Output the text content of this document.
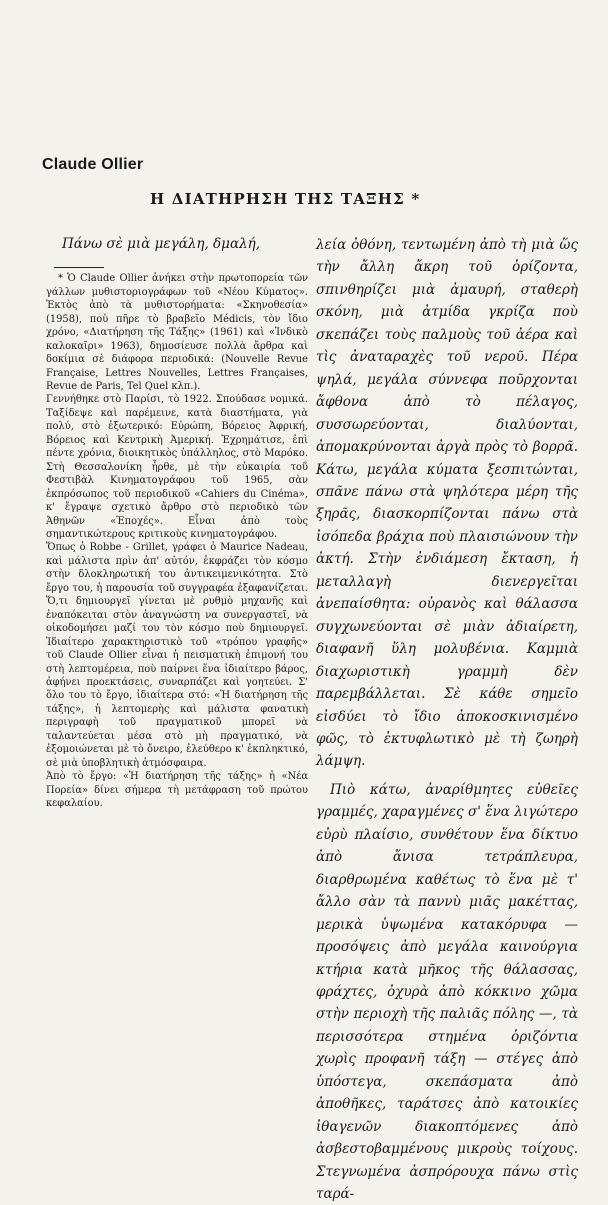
Claude Ollier
Η ΔΙΑΤΗΡΗΣΗ ΤΗΣ ΤΑΞΗΣ *
Πάνω σὲ μιὰ μεγάλη, δμαλή,

* Ὁ Claude Ollier ἀνήκει στὴν πρωτοπορεία τῶν γάλλων μυθιστοριογράφων τοῦ «Νέου Κύματος». Ἐκτὸς ἀπὸ τὰ μυθιστορήματα: «Σκηνοθεσία» (1958), ποὺ πῆρε τὸ βραβεῖο Médicis, τὸν ἴδιο χρόνο, «Διατήρηση τῆς Τάξης» (1961) καὶ «Ἰνδικὸ καλοκαῖρι» 1963), δημοσίευσε πολλὰ ἄρθρα καὶ δοκίμια σὲ διάφορα περιοδικά: (Nouvelle Revue Française, Lettres Nouvelles, Lettres Françaises, Revue de Paris, Tel Quel κλπ.).

Γεννήθηκε στὸ Παρίσι, τὸ 1922. Σπούδασε νομικά. Ταξίδεψε καὶ παρέμεινε, κατὰ διαστήματα, γιὰ πολύ, στὸ ἐξωτερικό: Εὐρώπη, Βόρειος Ἀφρική, Βόρειος καὶ Κεντρικὴ Ἀμερική. Ἐχρημάτισε, ἐπὶ πέντε χρόνια, διοικητικὸς ὑπάλληλος, στὸ Μαρόκο. Στὴ Θεσσαλονίκη ἦρθε, μὲ τὴν εὐκαιρία τοῦ Φεστιβὰλ Κινηματογράφου τοῦ 1965, σὰν ἐκπρόσωπος τοῦ περιοδικοῦ «Cahiers du Cinéma», κ' ἔγραψε σχετικὸ ἄρθρο στὸ περιοδικὸ τῶν Ἀθηνῶν «Ἐποχές». Εἶναι ἀπὸ τοὺς σημαντικώτερους κριτικοὺς κινηματογράφου.

Ὅπως ὁ Robbe - Grillet, γράφει ὁ Maurice Nadeau, καὶ μάλιστα πρὶν ἀπ' αὐτόν, ἐκφράζει τὸν κόσμο στὴν δλοκληρωτική του ἀντικειμενικότητα. Στὸ ἔργο του, ἡ παρουσία τοῦ συγγραφέα ἐξαφανίζεται. Ὅ,τι δημιουργεῖ γίνεται μὲ ρυθμὸ μηχανῆς καὶ ἐναπόκειται στὸν ἀναγνώστη να συνεργαστεῖ, νὰ οἰκοδομήσει μαζί του τὸν κόσμο ποὺ δημιουργεῖ. Ἰδιαίτερο χαρακτηριστικὸ τοῦ «τρόπου γραφῆς» τοῦ Claude Ollier εἶναι ἡ πεισματικὴ ἐπιμονή του στὴ λεπτομέρεια, ποὺ παίρνει ἕνα ἰδιαίτερο βάρος, ἀφήνει προεκτάσεις, συναρπάζει καὶ γοητεύει. Σ' ὅλο του τὸ ἔργο, ἰδιαίτερα στό: «Ἡ διατήρηση τῆς τάξης», ἡ λεπτομερὴς καὶ μάλιστα φανατικὴ περιγραφὴ τοῦ πραγματικοῦ μπορεῖ νὰ ταλαντεύεται μέσα στὸ μὴ πραγματικό, νὰ ἐξομοιώνεται μὲ τὸ ὄνειρο, ἐλεύθερο κ' ἐκπληκτικό, σὲ μιὰ ὑποβλητικὴ ἀτμόσφαιρα.

Ἀπὸ τὸ ἔργο: «Ἡ διατήρηση τῆς τάξης» ἡ «Νέα Πορεία» δίνει σήμερα τὴ μετάφραση τοῦ πρώτου κεφαλαίου.

λεία ὀθόνη, τεντωμένη ἀπὸ τὴ μιὰ ὥς τὴν ἄλλη ἄκρη τοῦ ὁρίζοντα, σπινθηρίζει μιὰ ἀμαυρή, σταθερὴ σκόνη, μιὰ ἀτμίδα γκρίζα ποὺ σκεπάζει τοὺς παλμοὺς τοῦ ἀέρα καὶ τὶς ἀναταραχὲς τοῦ νεροῦ. Πέρα ψηλά, μεγάλα σύννεφα ποῦρχονται ἄφθονα ἀπὸ τὸ πέλαγος, συσσωρεύονται, διαλύονται, ἀπομακρύνονται ἀργὰ πρὸς τὸ βορρᾶ. Κάτω, μεγάλα κύματα ξεσπιτώνται, σπᾶνε πάνω στὰ ψηλότερα μέρη τῆς ξηρᾶς, διασκορπίζονται πάνω στὰ ἰσόπεδα βράχια ποὺ πλαισιώνουν τὴν ἀκτή. Στὴν ἐνδιάμεση ἔκταση, ἡ μεταλλαγὴ διενεργεῖται ἀνεπαίσθητα: οὐρανὸς καὶ θάλασσα συγχωνεύονται σὲ μιὰν ἀδιαίρετη, διαφανῆ ὕλη μολυβένια. Καμμιὰ διαχωριστικὴ γραμμὴ δὲν παρεμβάλλεται. Σὲ κάθε σημεῖο εἰσδύει τὸ ἴδιο ἀποκοσκινισμένο φῶς, τὸ ἐκτυφλωτικὸ μὲ τὴ ζωηρὴ λάμψη.

Πιὸ κάτω, ἀναρίθμητες εὐθεῖες γραμμές, χαραγμένες σ' ἕνα λιγώτερο εὐρὺ πλαίσιο, συνθέτουν ἕνα δίκτυο ἀπὸ ἄνισα τετράπλευρα, διαρθρωμένα καθέτως τὸ ἕνα μὲ τ' ἄλλο σὰν τὰ παννὺ μιᾶς μακέττας, μερικὰ ὑψωμένα κατακόρυφα — προσόψεις ἀπὸ μεγάλα καινούργια κτήρια κατὰ μῆκος τῆς θάλασσας, φράχτες, ὀχυρὰ ἀπὸ κόκκινο χῶμα στὴν περιοχὴ τῆς παλιᾶς πόλης —, τὰ περισσότερα στημένα ὁριζόντια χωρὶς προφανῆ τάξη — στέγες ἀπὸ ὑπόστεγα, σκεπάσματα ἀπὸ ἀποθῆκες, ταράτσες ἀπὸ κατοικίες ἰθαγενῶν διακοπτόμενες ἀπὸ ἀσβεστοβαμμένους μικροὺς τοίχους. Στεγνωμένα ἀσπρόρουχα πάνω στὶς ταρά-
